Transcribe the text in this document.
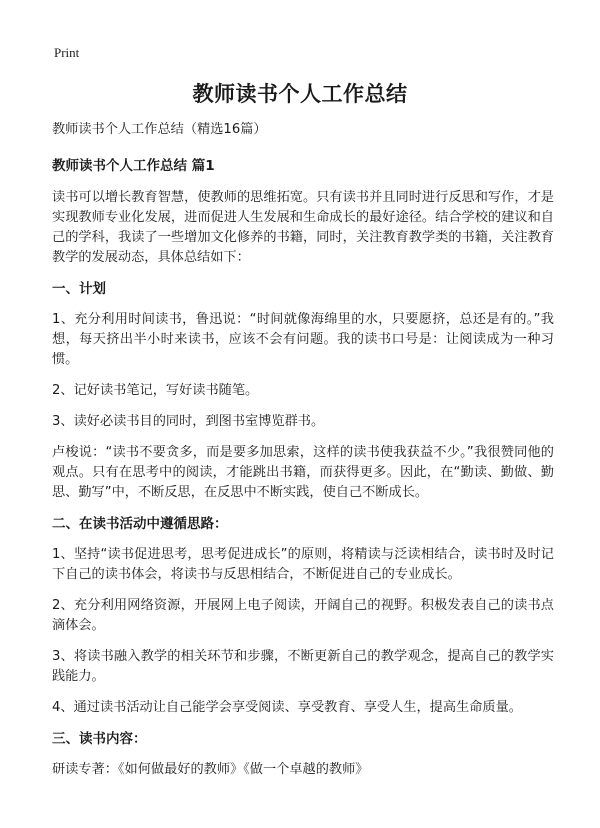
Print
教师读书个人工作总结

教师读书个人工作总结（精选16篇）

教师读书个人工作总结 篇1

读书可以增长教育智慧，使教师的思维拓宽。只有读书并且同时进行反思和写作，才是实现教师专业化发展，进而促进人生发展和生命成长的最好途径。结合学校的建议和自己的学科，我读了一些增加文化修养的书籍，同时，关注教育教学类的书籍，关注教育教学的发展动态，具体总结如下：

一、计划

1、充分利用时间读书，鲁迅说：“时间就像海绵里的水，只要愿挤，总还是有的。”我想，每天挤出半小时来读书，应该不会有问题。我的读书口号是：让阅读成为一种习惯。

2、记好读书笔记，写好读书随笔。

3、读好必读书目的同时，到图书室博览群书。

卢梭说：“读书不要贪多，而是要多加思索，这样的读书使我获益不少。”我很赞同他的观点。只有在思考中的阅读，才能跳出书籍，而获得更多。因此，在“勤读、勤做、勤思、勤写”中，不断反思，在反思中不断实践，使自己不断成长。

二、在读书活动中遵循思路：

1、坚持“读书促进思考，思考促进成长”的原则，将精读与泛读相结合，读书时及时记下自己的读书体会，将读书与反思相结合，不断促进自己的专业成长。

2、充分利用网络资源，开展网上电子阅读，开阔自己的视野。积极发表自己的读书点滴体会。

3、将读书融入教学的相关环节和步骤，不断更新自己的教学观念，提高自己的教学实践能力。

4、通过读书活动让自己能学会享受阅读、享受教育、享受人生，提高生命质量。

三、读书内容：

研读专著：《如何做最好的教师》《做一个卓越的教师》
